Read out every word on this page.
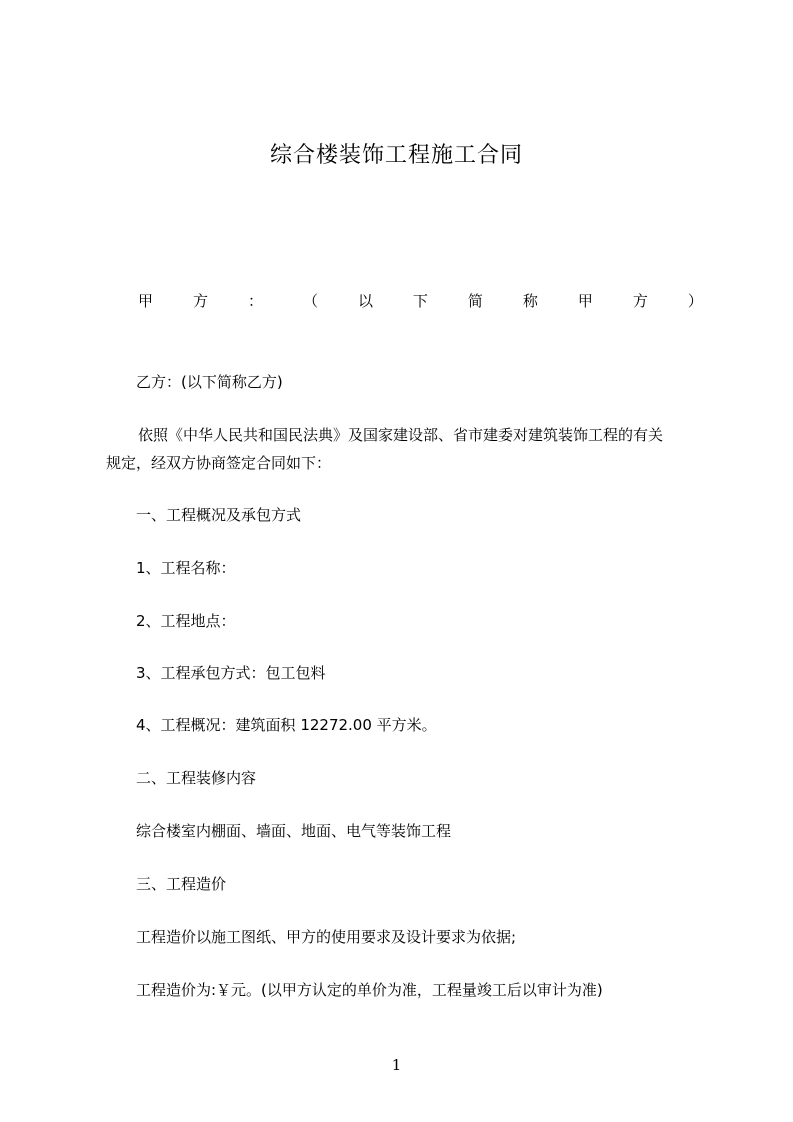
综合楼装饰工程施工合同
甲	方	：	（	以	下	简	称	甲	方	）
乙方：(以下简称乙方)
依照《中华人民共和国民法典》及国家建设部、省市建委对建筑装饰工程的有关
规定，经双方协商签定合同如下：
一、工程概况及承包方式
1、工程名称：
2、工程地点：
3、工程承包方式：包工包料
4、工程概况：建筑面积 12272.00 平方米。
二、工程装修内容
综合楼室内棚面、墙面、地面、电气等装饰工程
三、工程造价
工程造价以施工图纸、甲方的使用要求及设计要求为依据;
工程造价为:￥元。(以甲方认定的单价为准，工程量竣工后以审计为准)
1
